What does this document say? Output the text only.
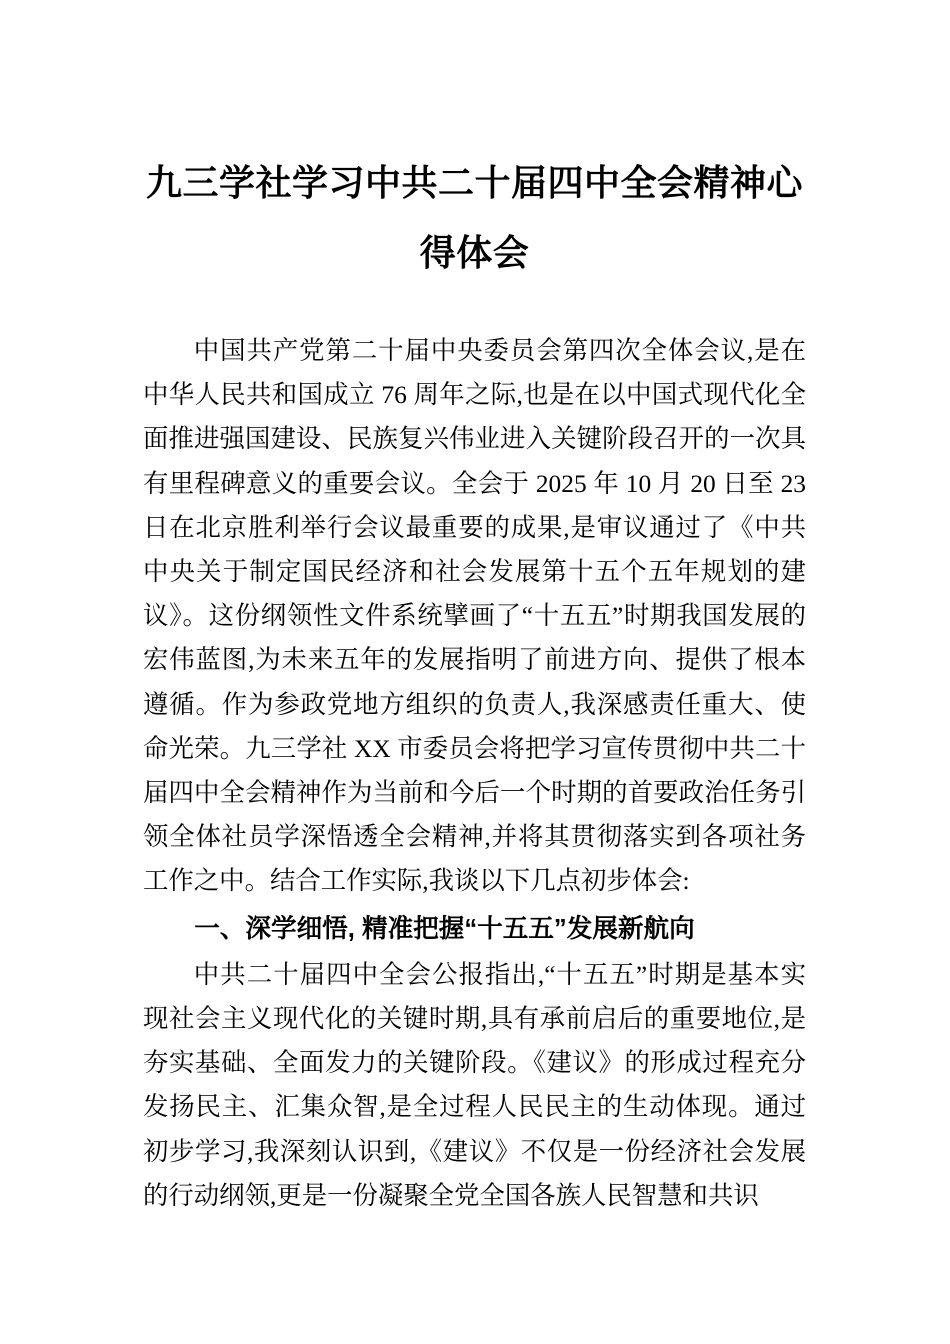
九三学社学习中共二十届四中全会精神心得体会

中国共产党第二十届中央委员会第四次全体会议,是在中华人民共和国成立 76 周年之际,也是在以中国式现代化全面推进强国建设、民族复兴伟业进入关键阶段召开的一次具有里程碑意义的重要会议。全会于 2025 年 10 月 20 日至 23 日在北京胜利举行会议最重要的成果,是审议通过了《中共中央关于制定国民经济和社会发展第十五个五年规划的建议》。这份纲领性文件系统擘画了“十五五”时期我国发展的宏伟蓝图,为未来五年的发展指明了前进方向、提供了根本遵循。作为参政党地方组织的负责人,我深感责任重大、使命光荣。九三学社 XX 市委员会将把学习宣传贯彻中共二十届四中全会精神作为当前和今后一个时期的首要政治任务引领全体社员学深悟透全会精神,并将其贯彻落实到各项社务工作之中。结合工作实际,我谈以下几点初步体会:

一、深学细悟, 精准把握“十五五”发展新航向

中共二十届四中全会公报指出,“十五五”时期是基本实现社会主义现代化的关键时期,具有承前启后的重要地位,是夯实基础、全面发力的关键阶段。《建议》的形成过程充分发扬民主、汇集众智,是全过程人民民主的生动体现。通过初步学习,我深刻认识到,《建议》不仅是一份经济社会发展的行动纲领,更是一份凝聚全党全国各族人民智慧和共识
